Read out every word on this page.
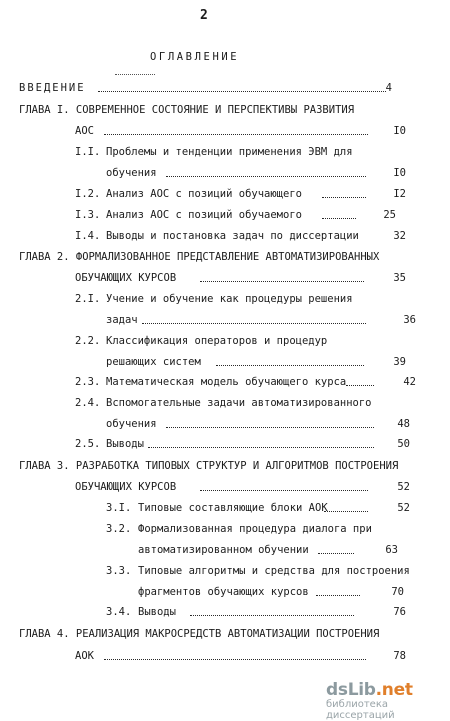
2
ОГЛАВЛЕНИЕ
ВВЕДЕНИЕ	4
ГЛАВА I. СОВРЕМЕННОЕ СОСТОЯНИЕ И ПЕРСПЕКТИВЫ РАЗВИТИЯ
АОС	I0
I.I. Проблемы и тенденции применения ЭВМ для
обучения	I0
I.2. Анализ АОС с позиций обучающего	I2
I.3. Анализ АОС с позиций обучаемого	25
I.4. Выводы и постановка задач по диссертации	32
ГЛАВА 2. ФОРМАЛИЗОВАННОЕ ПРЕДСТАВЛЕНИЕ АВТОМАТИЗИРОВАННЫХ
ОБУЧАЮЩИХ КУРСОВ	35
2.I. Учение и обучение как процедуры решения
задач	36
2.2. Классификация операторов и процедур
решающих систем	39
2.3. Математическая модель обучающего курса	42
2.4. Вспомогательные задачи автоматизированного
обучения	48
2.5. Выводы	50
ГЛАВА 3. РАЗРАБОТКА ТИПОВЫХ СТРУКТУР И АЛГОРИТМОВ ПОСТРОЕНИЯ
ОБУЧАЮЩИХ КУРСОВ	52
3.I. Типовые составляющие блоки АОК	52
3.2. Формализованная процедура диалога при
автоматизированном обучении	63
3.3. Типовые алгоритмы и средства для построения
фрагментов обучающих курсов	70
3.4. Выводы	76
ГЛАВА 4. РЕАЛИЗАЦИЯ МАКРОСРЕДСТВ АВТОМАТИЗАЦИИ ПОСТРОЕНИЯ
АОК	78
dsLib.net
библиотека диссертаций
